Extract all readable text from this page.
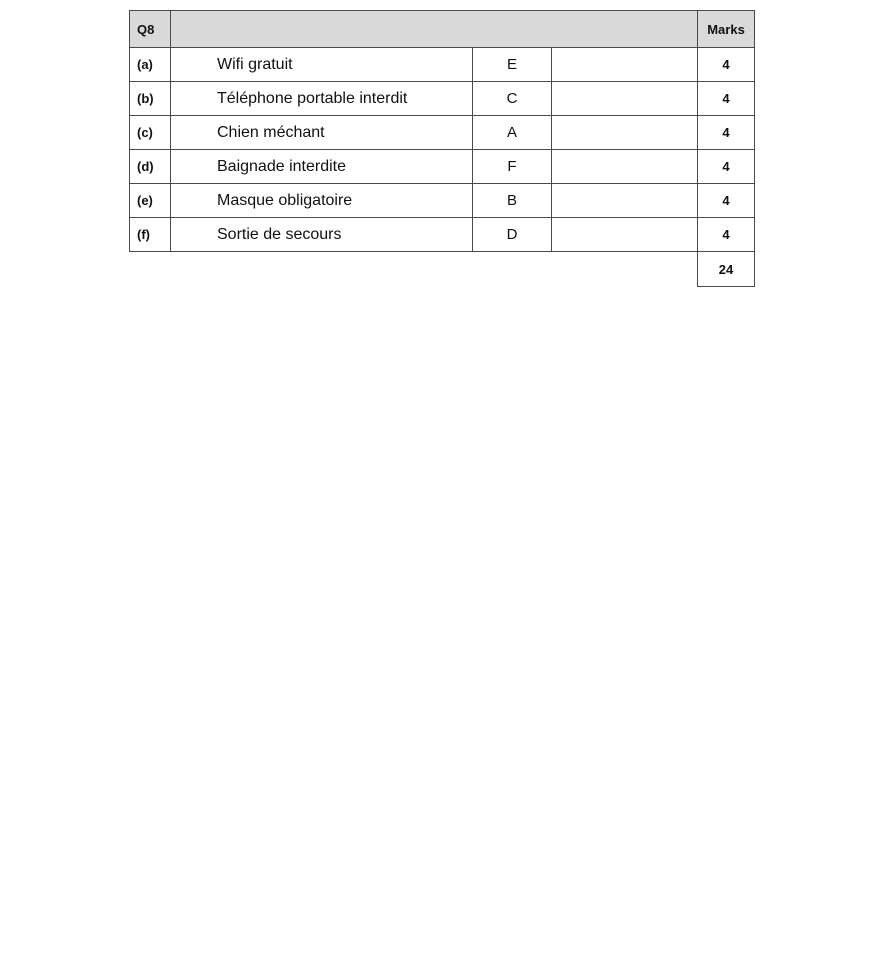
Q8				Marks
(a)	Wifi gratuit	E		4
(b)	Téléphone portable interdit	C		4
(c)	Chien méchant	A		4
(d)	Baignade interdite	F		4
(e)	Masque obligatoire	B		4
(f)	Sortie de secours	D		4
				24
